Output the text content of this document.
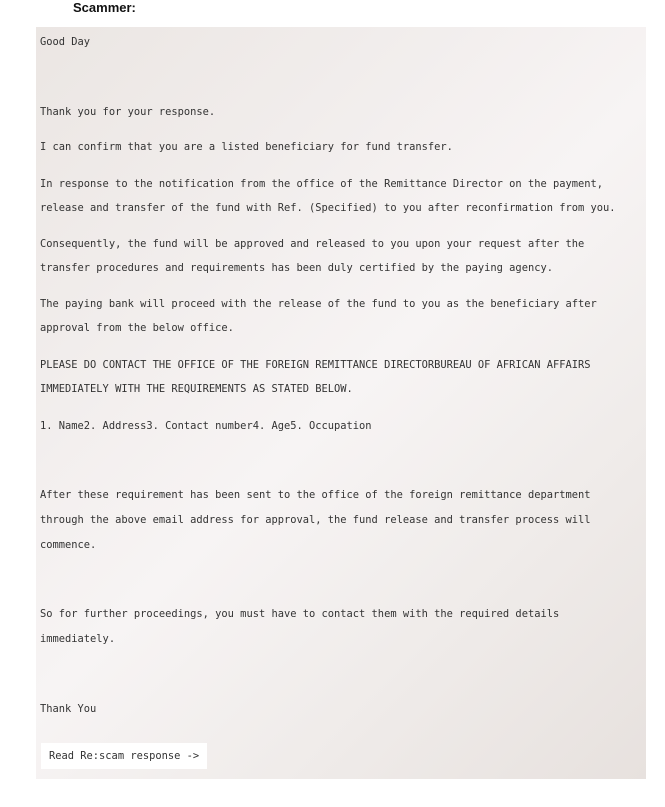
Scammer:

Good Day

Thank you for your response.

I can confirm that you are a listed beneficiary for fund transfer.

In response to the notification from the office of the Remittance Director on the payment,

release and transfer of the fund with Ref. (Specified) to you after reconfirmation from you.

Consequently, the fund will be approved and released to you upon your request after the

transfer procedures and requirements has been duly certified by the paying agency.

The paying bank will proceed with the release of the fund to you as the beneficiary after

approval from the below office.

PLEASE DO CONTACT THE OFFICE OF THE FOREIGN REMITTANCE DIRECTORBUREAU OF AFRICAN AFFAIRS

IMMEDIATELY WITH THE REQUIREMENTS AS STATED BELOW.

1. Name2. Address3. Contact number4. Age5. Occupation

After these requirement has been sent to the office of the foreign remittance department

through the above email address for approval, the fund release and transfer process will

commence.

So for further proceedings, you must have to contact them with the required details

immediately.

Thank You

Read Re:scam response ->
